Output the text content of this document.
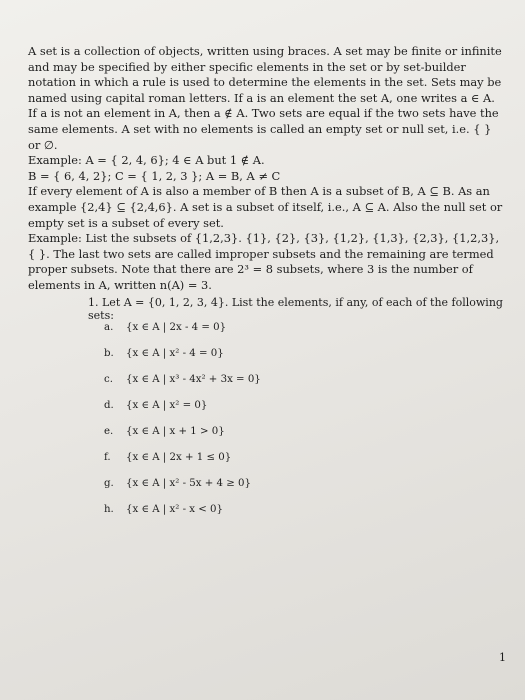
A set is a collection of objects, written using braces. A set may be finite or infinite and may be specified by either specific elements in the set or by set-builder notation in which a rule is used to determine the elements in the set. Sets may be named using capital roman letters. If a is an element the set A, one writes a ∈ A. If a is not an element in A, then a ∉ A. Two sets are equal if the two sets have the same elements. A set with no elements is called an empty set or null set, i.e. { } or ∅.

Example: A = { 2, 4, 6}; 4 ∈ A but 1 ∉ A.

B = { 6, 4, 2}; C = { 1, 2, 3 }; A = B, A ≠ C

If every element of A is also a member of B then A is a subset of B, A ⊆ B. As an example {2,4} ⊆ {2,4,6}. A set is a subset of itself, i.e., A ⊆ A. Also the null set or empty set is a subset of every set.

Example: List the subsets of {1,2,3}. {1}, {2}, {3}, {1,2}, {1,3}, {2,3}, {1,2,3}, { }. The last two sets are called improper subsets and the remaining are termed proper subsets. Note that there are 2³ = 8 subsets, where 3 is the number of elements in A, written n(A) = 3.

1. Let A = {0, 1, 2, 3, 4}. List the elements, if any, of each of the following sets:

a. {x ∈ A | 2x - 4 = 0}
b. {x ∈ A | x² - 4 = 0}
c. {x ∈ A | x³ - 4x² + 3x = 0}
d. {x ∈ A | x² = 0}
e. {x ∈ A | x + 1 > 0}
f. {x ∈ A | 2x + 1 ≤ 0}
g. {x ∈ A | x² - 5x + 4 ≥ 0}
h. {x ∈ A | x² - x < 0}

1
